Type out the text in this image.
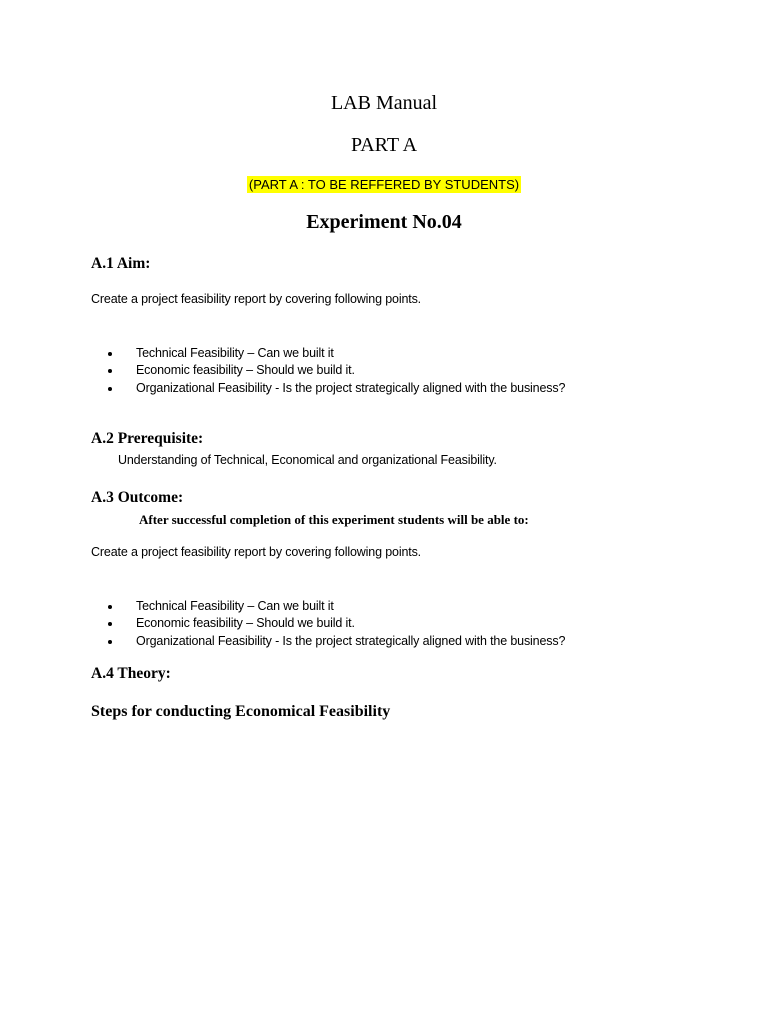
LAB Manual
PART A
(PART A : TO BE REFFERED BY STUDENTS)
Experiment No.04
A.1 Aim:
Create a project feasibility report by covering following points.
Technical Feasibility – Can we built it
Economic feasibility – Should we build it.
Organizational Feasibility - Is the project strategically aligned with the business?
A.2 Prerequisite:
Understanding of Technical, Economical and organizational Feasibility.
A.3 Outcome:
After successful completion of this experiment students will be able to:
Create a project feasibility report by covering following points.
Technical Feasibility – Can we built it
Economic feasibility – Should we build it.
Organizational Feasibility - Is the project strategically aligned with the business?
A.4 Theory:
Steps for conducting Economical Feasibility
